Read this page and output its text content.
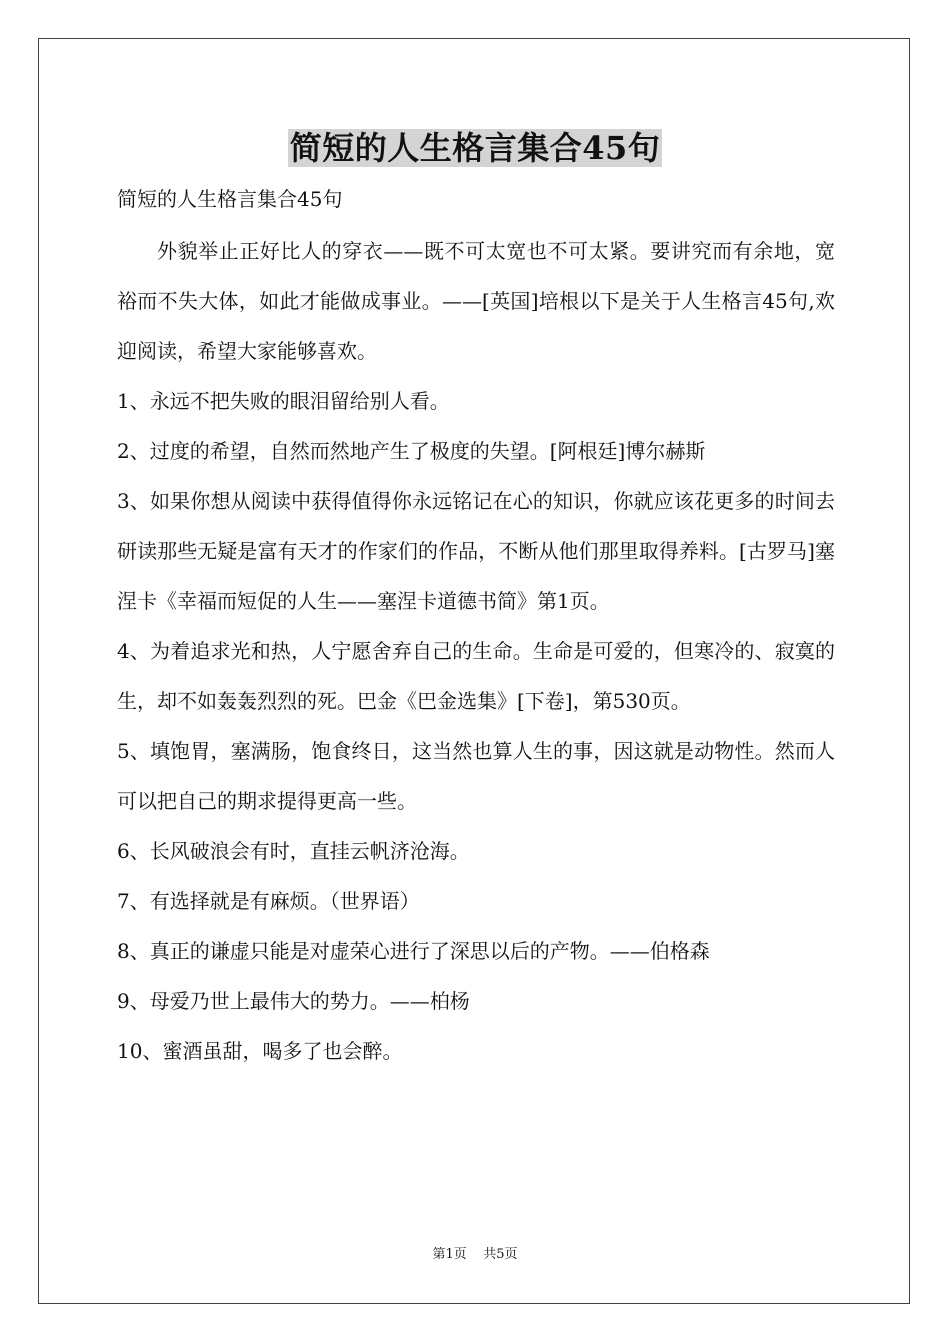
简短的人生格言集合45句
简短的人生格言集合45句

外貌举止正好比人的穿衣——既不可太宽也不可太紧。要讲究而有余地，宽裕而不失大体，如此才能做成事业。——[英国]培根以下是关于人生格言45句,欢迎阅读，希望大家能够喜欢。

1、永远不把失败的眼泪留给别人看。

2、过度的希望，自然而然地产生了极度的失望。[阿根廷]博尔赫斯

3、如果你想从阅读中获得值得你永远铭记在心的知识，你就应该花更多的时间去研读那些无疑是富有天才的作家们的作品，不断从他们那里取得养料。[古罗马]塞涅卡《幸福而短促的人生——塞涅卡道德书简》第1页。

4、为着追求光和热，人宁愿舍弃自己的生命。生命是可爱的，但寒冷的、寂寞的生，却不如轰轰烈烈的死。巴金《巴金选集》[下卷]，第530页。

5、填饱胃，塞满肠，饱食终日，这当然也算人生的事，因这就是动物性。然而人可以把自己的期求提得更高一些。

6、长风破浪会有时，直挂云帆济沧海。

7、有选择就是有麻烦。（世界语）

8、真正的谦虚只能是对虚荣心进行了深思以后的产物。——伯格森

9、母爱乃世上最伟大的势力。——柏杨

10、蜜酒虽甜，喝多了也会醉。

第1页 共5页
